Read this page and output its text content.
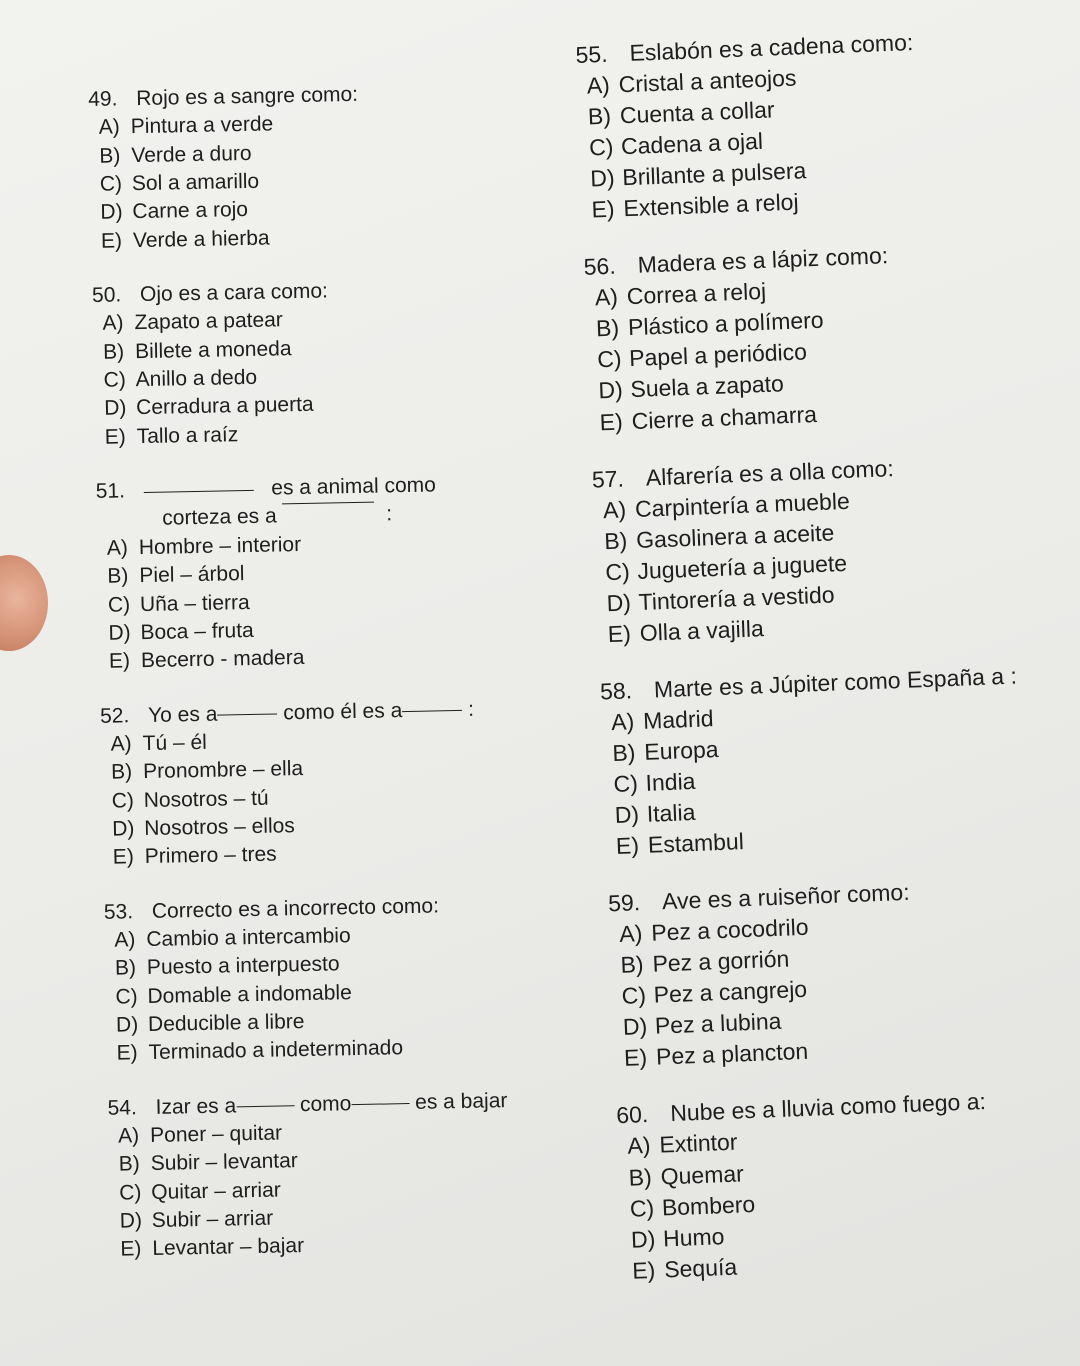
49. Rojo es a sangre como:
A) Pintura a verde
B) Verde a duro
C) Sol a amarillo
D) Carne a rojo
E) Verde a hierba
50. Ojo es a cara como:
A) Zapato a patear
B) Billete a moneda
C) Anillo a dedo
D) Cerradura a puerta
E) Tallo a raíz
51.	es a animal como
corteza es a

	:
A) Hombre – interior
B) Piel – árbol
C) Uña – tierra
D) Boca – fruta
E) Becerro - madera
52. Yo es a	como él es a	:
A) Tú – él
B) Pronombre – ella
C) Nosotros – tú
D) Nosotros – ellos
E) Primero – tres
53. Correcto es a incorrecto como:
A) Cambio a intercambio
B) Puesto a interpuesto
C) Domable a indomable
D) Deducible a libre
E) Terminado a indeterminado
54. Izar es a	como	es a bajar
A) Poner – quitar
B) Subir – levantar
C) Quitar – arriar
D) Subir – arriar
E) Levantar – bajar
55. Eslabón es a cadena como:
A) Cristal a anteojos
B) Cuenta a collar
C) Cadena a ojal
D) Brillante a pulsera
E) Extensible a reloj
56. Madera es a lápiz como:
A) Correa a reloj
B) Plástico a polímero
C) Papel a periódico
D) Suela a zapato
E) Cierre a chamarra
57. Alfarería es a olla como:
A) Carpintería a mueble
B) Gasolinera a aceite
C) Juguetería a juguete
D) Tintorería a vestido
E) Olla a vajilla
58. Marte es a Júpiter como España a :
A) Madrid
B) Europa
C) India
D) Italia
E) Estambul
59. Ave es a ruiseñor como:
A) Pez a cocodrilo
B) Pez a gorrión
C) Pez a cangrejo
D) Pez a lubina
E) Pez a plancton
60. Nube es a lluvia como fuego a:
A) Extintor
B) Quemar
C) Bombero
D) Humo
E) Sequía
